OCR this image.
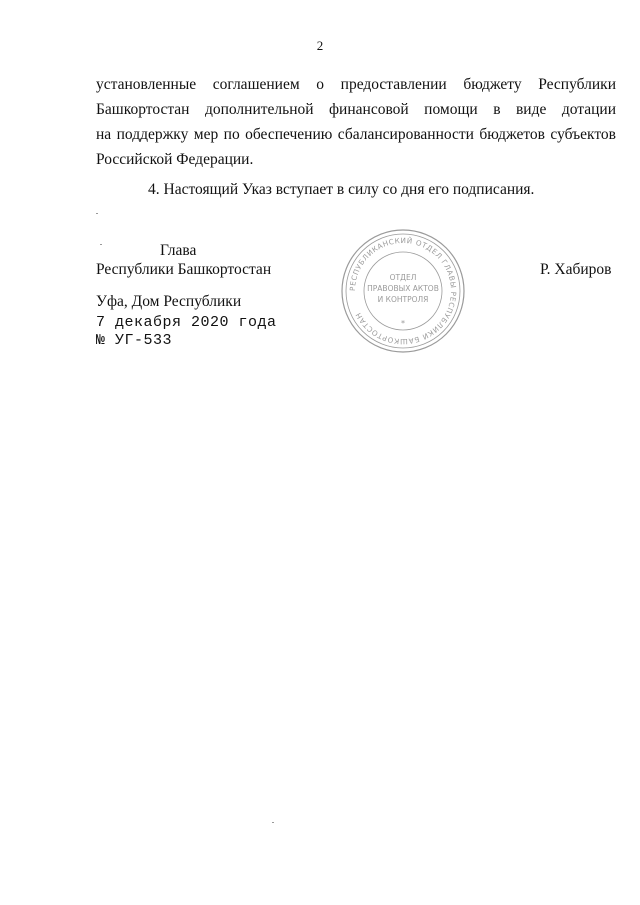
2
установленные соглашением о предоставлении бюджету Республики
Башкортостан дополнительной финансовой помощи в виде дотации
на поддержку мер по обеспечению сбалансированности бюджетов субъектов
Российской Федерации.
4. Настоящий Указ вступает в силу со дня его подписания.
Глава
Республики Башкортостан
РЕСПУБЛИКАНСКИЙ ОТДЕЛ ГЛАВЫ РЕСПУБЛИКИ БАШКОРТОСТАН
ОТДЕЛ
ПРАВОВЫХ АКТОВ
И КОНТРОЛЯ
*
Р. Хабиров
Уфа, Дом Республики
7 декабря 2020 года
№ УГ-533
